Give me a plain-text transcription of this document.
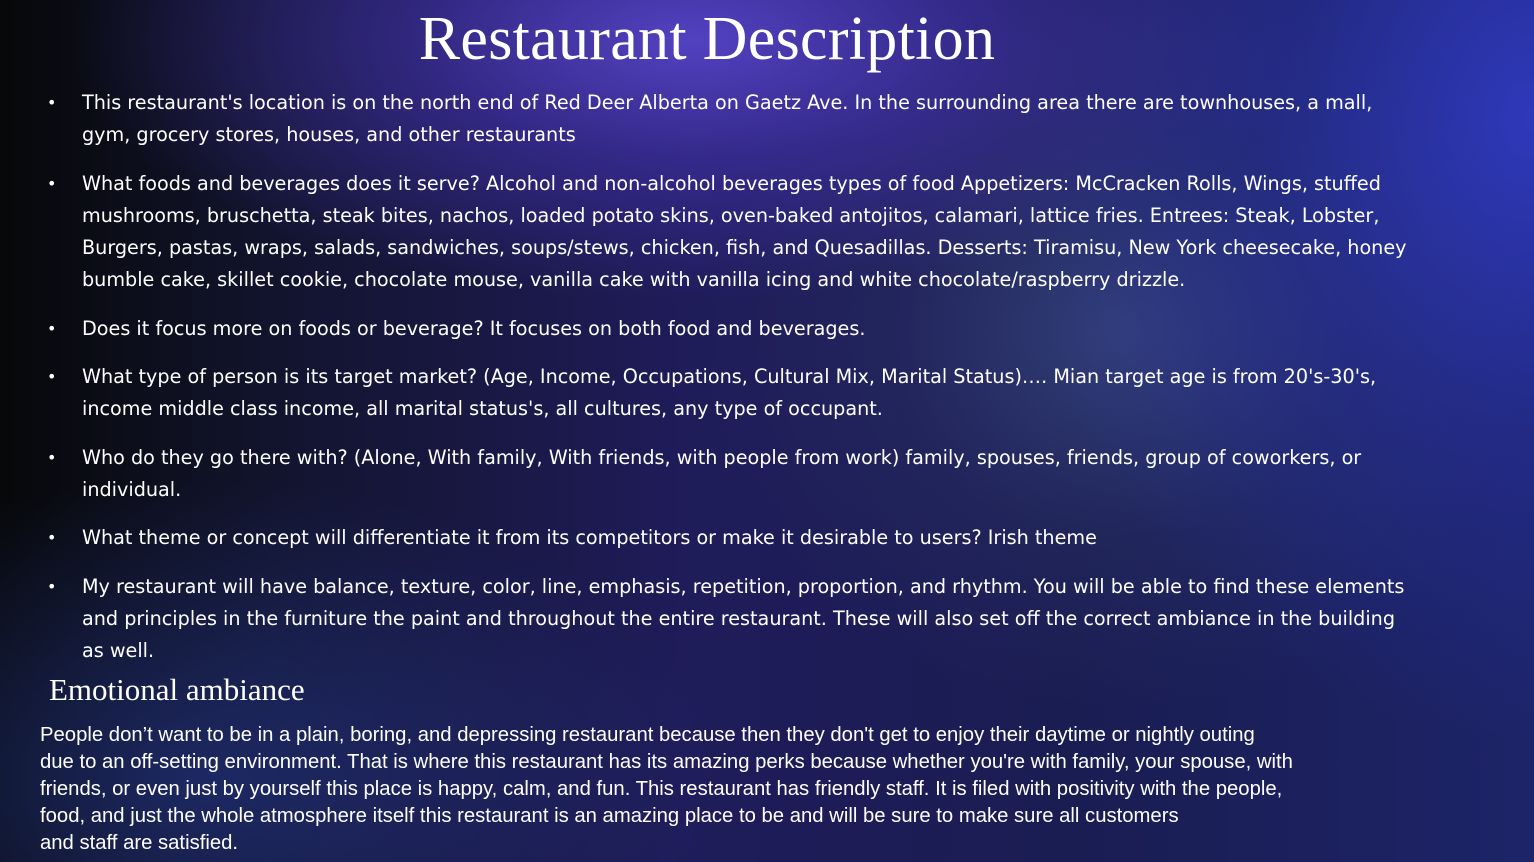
Restaurant Description
• This restaurant's location is on the north end of Red Deer Alberta on Gaetz Ave. In the surrounding area there are townhouses, a mall, gym, grocery stores, houses, and other restaurants
• What foods and beverages does it serve? Alcohol and non-alcohol beverages types of food Appetizers: McCracken Rolls, Wings, stuffed mushrooms, bruschetta, steak bites, nachos, loaded potato skins, oven-baked antojitos, calamari, lattice fries. Entrees: Steak, Lobster, Burgers, pastas, wraps, salads, sandwiches, soups/stews, chicken, fish, and Quesadillas. Desserts: Tiramisu, New York cheesecake, honey bumble cake, skillet cookie, chocolate mouse, vanilla cake with vanilla icing and white chocolate/raspberry drizzle.
• Does it focus more on foods or beverage? It focuses on both food and beverages.
• What type of person is its target market? (Age, Income, Occupations, Cultural Mix, Marital Status)…. Mian target age is from 20's-30's, income middle class income, all marital status's, all cultures, any type of occupant.
• Who do they go there with? (Alone, With family, With friends, with people from work) family, spouses, friends, group of coworkers, or individual.
• What theme or concept will differentiate it from its competitors or make it desirable to users? Irish theme
• My restaurant will have balance, texture, color, line, emphasis, repetition, proportion, and rhythm. You will be able to find these elements and principles in the furniture the paint and throughout the entire restaurant. These will also set off the correct ambiance in the building as well.
Emotional ambiance

People don’t want to be in a plain, boring, and depressing restaurant because then they don't get to enjoy their daytime or nightly outing
due to an off-setting environment. That is where this restaurant has its amazing perks because whether you're with family, your spouse, with
friends, or even just by yourself this place is happy, calm, and fun. This restaurant has friendly staff. It is filed with positivity with the people,
food, and just the whole atmosphere itself this restaurant is an amazing place to be and will be sure to make sure all customers
and staff are satisfied.
